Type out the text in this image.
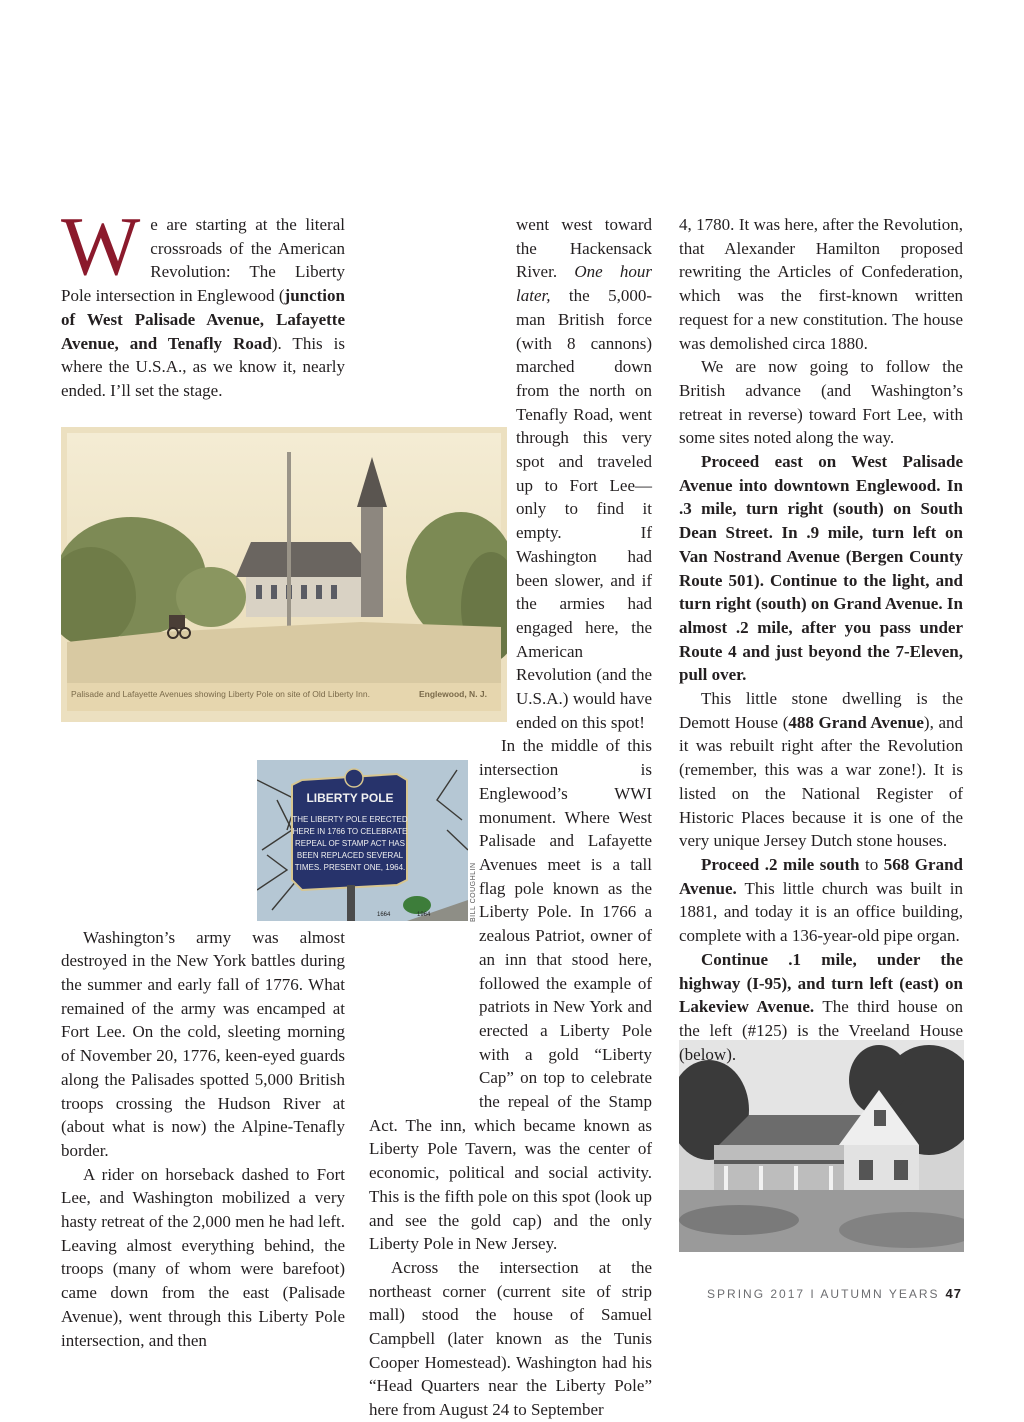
Palisade and Lafayette Avenues showing Liberty Pole on site of Old Liberty Inn.	Englewood, N. J.
LIBERTY POLE
THE LIBERTY POLE ERECTED
HERE IN 1766 TO CELEBRATE
REPEAL OF STAMP ACT HAS
BEEN REPLACED SEVERAL
TIMES. PRESENT ONE, 1964.
1664	1964	BILL COUGHLIN

We are starting at the literal crossroads of the American Revolution: The Liberty Pole intersection in Englewood (junction of West Palisade Avenue, Lafayette Avenue, and Tenafly Road). This is where the U.S.A., as we know it, nearly ended. I’ll set the stage.

Washington’s army was almost destroyed in the New York battles during the summer and early fall of 1776. What remained of the army was encamped at Fort Lee. On the cold, sleeting morning of November 20, 1776, keen-eyed guards along the Palisades spotted 5,000 British troops crossing the Hudson River at (about what is now) the Alpine-Tenafly border.

A rider on horseback dashed to Fort Lee, and Washington mobilized a very hasty retreat of the 2,000 men he had left. Leaving almost everything behind, the troops (many of whom were barefoot) came down from the east (Palisade Avenue), went through this Liberty Pole intersection, and then

went west toward the Hackensack River. One hour later, the 5,000-man British force (with 8 cannons) marched down from the north on Tenafly Road, went through this very spot and traveled up to Fort Lee—only to find it empty. If Washington had been slower, and if the armies had engaged here, the American Revolution (and the U.S.A.) would have ended on this spot!

In the middle of this intersection is Englewood’s WWI monument. Where West Palisade and Lafayette Avenues meet is a tall flag pole known as the Liberty Pole. In 1766 a zealous Patriot, owner of an inn that stood here, followed the example of patriots in New York and erected a Liberty Pole with a gold “Liberty Cap” on top to celebrate the repeal of the Stamp Act. The inn, which became known as Liberty Pole Tavern, was the center of economic, political and social activity. This is the fifth pole on this spot (look up and see the gold cap) and the only Liberty Pole in New Jersey.

Across the intersection at the northeast corner (current site of strip mall) stood the house of Samuel Campbell (later known as the Tunis Cooper Homestead). Washington had his “Head Quarters near the Liberty Pole” here from August 24 to September

4, 1780. It was here, after the Revolution, that Alexander Hamilton proposed rewriting the Articles of Confederation, which was the first-known written request for a new constitution. The house was demolished circa 1880.

We are now going to follow the British advance (and Washington’s retreat in reverse) toward Fort Lee, with some sites noted along the way.

Proceed east on West Palisade Avenue into downtown Englewood. In .3 mile, turn right (south) on South Dean Street. In .9 mile, turn left on Van Nostrand Avenue (Bergen County Route 501). Continue to the light, and turn right (south) on Grand Avenue. In almost .2 mile, after you pass under Route 4 and just beyond the 7-Eleven, pull over.

This little stone dwelling is the Demott House (488 Grand Avenue), and it was rebuilt right after the Revolution (remember, this was a war zone!). It is listed on the National Register of Historic Places because it is one of the very unique Jersey Dutch stone houses.

Proceed .2 mile south to 568 Grand Avenue. This little church was built in 1881, and today it is an office building, complete with a 136-year-old pipe organ.

Continue .1 mile, under the highway (I-95), and turn left (east) on Lakeview Avenue. The third house on the left (#125) is the Vreeland House (below).

SPRING 2017 I AUTUMN YEARS 47
